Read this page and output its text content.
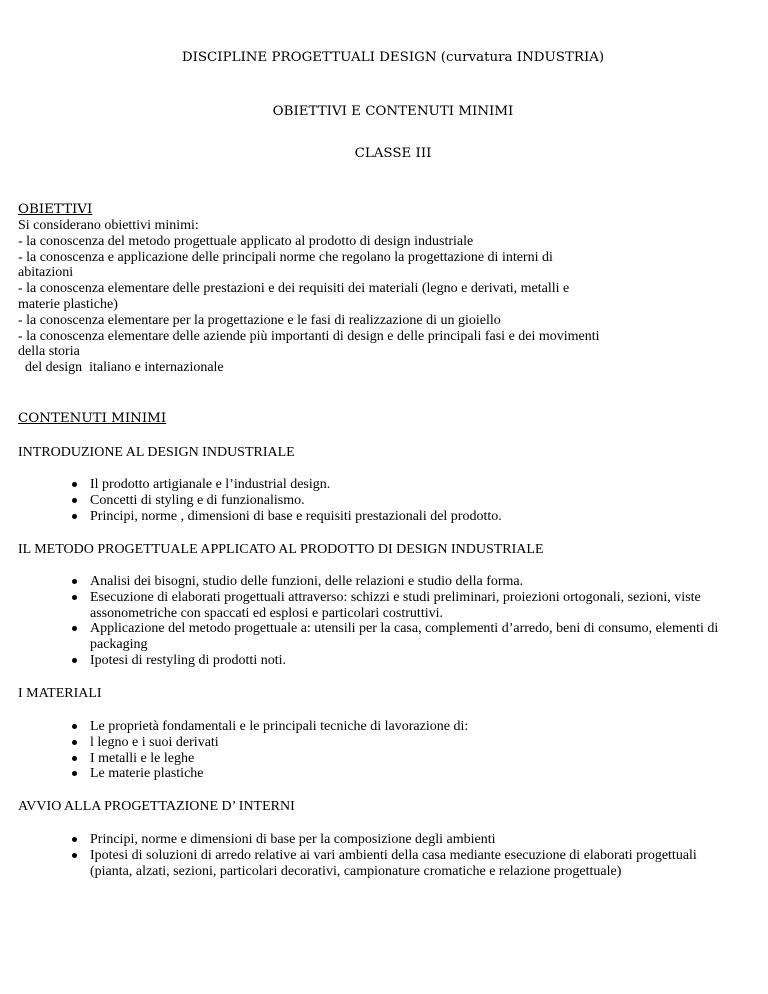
DISCIPLINE PROGETTUALI DESIGN (curvatura INDUSTRIA)
OBIETTIVI E CONTENUTI MINIMI
CLASSE III
OBIETTIVI
Si considerano obiettivi minimi:
- la conoscenza del metodo progettuale applicato al prodotto di design industriale
- la conoscenza e applicazione delle principali norme che regolano la progettazione di interni di
abitazioni
- la conoscenza elementare delle prestazioni e dei requisiti dei materiali (legno e derivati, metalli e
materie plastiche)
- la conoscenza elementare per la progettazione e le fasi di realizzazione di un gioiello
- la conoscenza elementare delle aziende più importanti di design e delle principali fasi e dei movimenti
della storia
del design  italiano e internazionale
CONTENUTI MINIMI
INTRODUZIONE AL DESIGN INDUSTRIALE
Il prodotto artigianale e l’industrial design.
Concetti di styling e di funzionalismo.
Principi, norme , dimensioni di base e requisiti prestazionali del prodotto.
IL METODO PROGETTUALE APPLICATO AL PRODOTTO DI DESIGN INDUSTRIALE
Analisi dei bisogni, studio delle funzioni, delle relazioni e studio della forma.
Esecuzione di elaborati progettuali attraverso: schizzi e studi preliminari, proiezioni ortogonali, sezioni, viste assonometriche con spaccati ed esplosi e particolari costruttivi.
Applicazione del metodo progettuale a: utensili per la casa, complementi d’arredo, beni di consumo, elementi di packaging
Ipotesi di restyling di prodotti noti.
I MATERIALI
Le proprietà fondamentali e le principali tecniche di lavorazione di:
l legno e i suoi derivati
I metalli e le leghe
Le materie plastiche
AVVIO ALLA PROGETTAZIONE D’ INTERNI
Principi, norme e dimensioni di base per la composizione degli ambienti
Ipotesi di soluzioni di arredo relative ai vari ambienti della casa mediante esecuzione di elaborati progettuali (pianta, alzati, sezioni, particolari decorativi, campionature cromatiche e relazione progettuale)
